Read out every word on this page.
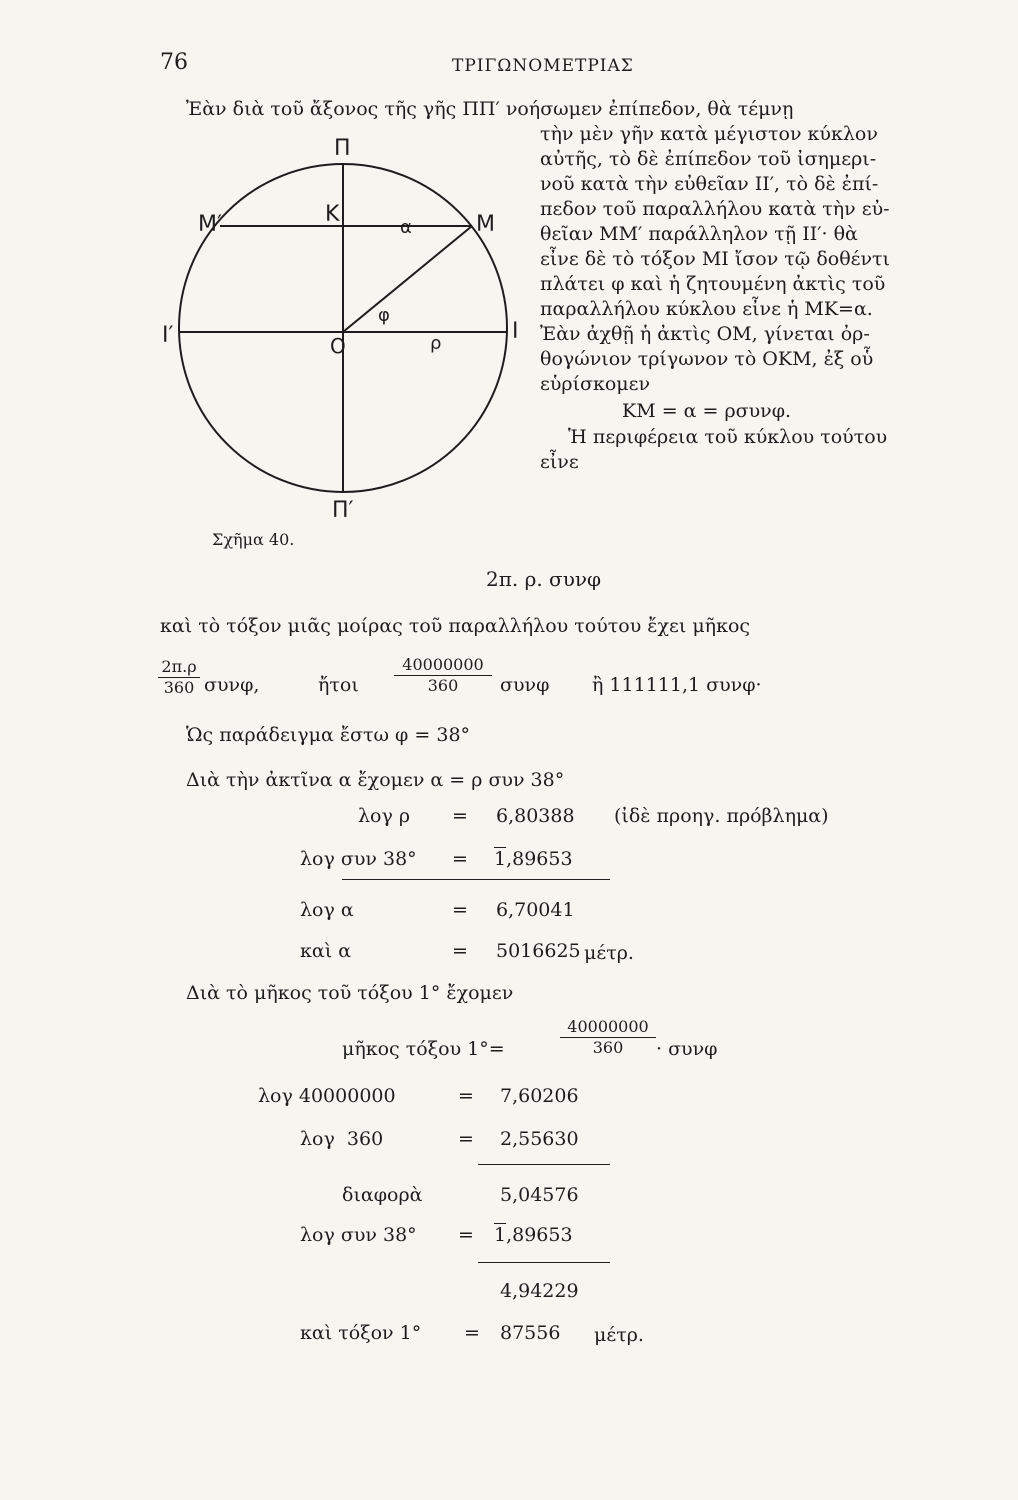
76	ΤΡΙΓΩΝΟΜΕΤΡΙΑΣ
Ἐὰν διὰ τοῦ ἄξονος τῆς γῆς ΠΠ′ νοήσωμεν ἐπίπεδον, θὰ τέμνῃ
Π
Π′
Μ′	Μ
Κ
α
Ο
Ι
Ι′
φ
ρ
Σχῆμα 40.
τὴν μὲν γῆν κατὰ μέγιστον κύκλον
αὐτῆς, τὸ δὲ ἐπίπεδον τοῦ ἰσημερι-
νοῦ κατὰ τὴν εὐθεῖαν ΙΙ′, τὸ δὲ ἐπί-
πεδον τοῦ παραλλήλου κατὰ τὴν εὐ-
θεῖαν ΜΜ′ παράλληλον τῇ ΙΙ′· θὰ
εἶνε δὲ τὸ τόξον ΜΙ ἴσον τῷ δοθέντι
πλάτει φ καὶ ἡ ζητουμένη ἀκτὶς τοῦ
παραλλήλου κύκλου εἶνε ἡ ΜΚ=α.
Ἐὰν ἀχθῇ ἡ ἀκτὶς ΟΜ, γίνεται ὀρ-
θογώνιον τρίγωνον τὸ ΟΚΜ, ἐξ οὗ
εὑρίσκομεν
ΚΜ = α = ρσυνφ.
Ἡ περιφέρεια τοῦ κύκλου τούτου
εἶνε
2π. ρ. συνφ
καὶ τὸ τόξον μιᾶς μοίρας τοῦ παραλλήλου τούτου ἔχει μῆκος
2π.ρ
360 συνφ,	ἤτοι
40000000
360	συνφ ἢ 111111,1 συνφ·
Ὡς παράδειγμα ἔστω φ = 38°
Διὰ τὴν ἀκτῖνα α ἔχομεν α = ρ συν 38°
λογ ρ = 6,80388 (ἰδὲ προηγ. πρόβλημα)
λογ συν 38° = 1,89653
λογ α	= 6,70041
καὶ α	= 5016625 μέτρ.
Διὰ τὸ μῆκος τοῦ τόξου 1° ἔχομεν
μῆκος τόξου 1°=
40000000
360	· συνφ
λογ 40000000	= 7,60206
λογ  360	= 2,55630
διαφορὰ	5,04576
λογ συν 38° = 1,89653
4,94229
καὶ τόξον 1° = 87556 μέτρ.
